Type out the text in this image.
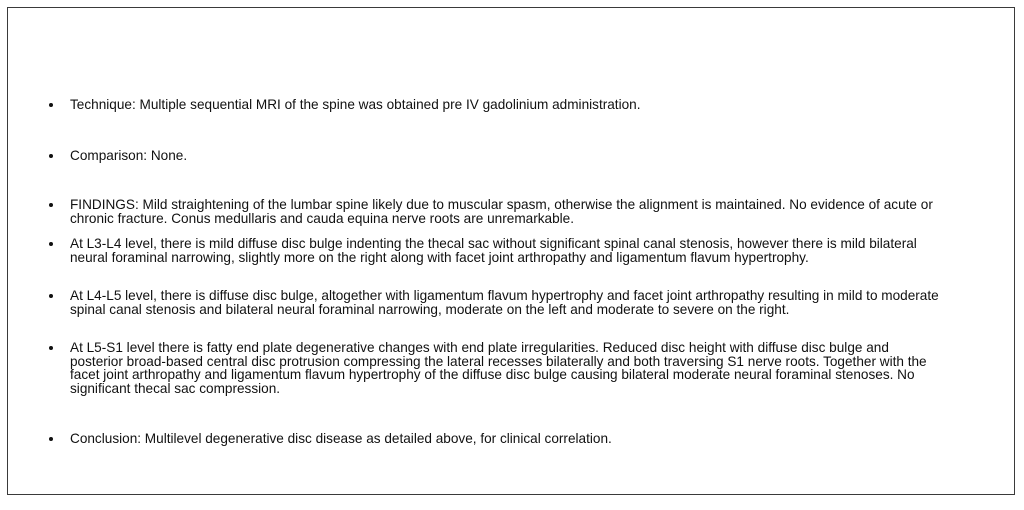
Technique: Multiple sequential MRI of the spine was obtained pre IV gadolinium administration.
Comparison: None.
FINDINGS: Mild straightening of the lumbar spine likely due to muscular spasm, otherwise the alignment is maintained. No evidence of acute or chronic fracture. Conus medullaris and cauda equina nerve roots are unremarkable.
At L3-L4 level, there is mild diffuse disc bulge indenting the thecal sac without significant spinal canal stenosis, however there is mild bilateral neural foraminal narrowing, slightly more on the right along with facet joint arthropathy and ligamentum flavum hypertrophy.
At L4-L5 level, there is diffuse disc bulge, altogether with ligamentum flavum hypertrophy and facet joint arthropathy resulting in mild to moderate spinal canal stenosis and bilateral neural foraminal narrowing, moderate on the left and moderate to severe on the right.
At L5-S1 level there is fatty end plate degenerative changes with end plate irregularities. Reduced disc height with diffuse disc bulge and posterior broad-based central disc protrusion compressing the lateral recesses bilaterally and both traversing S1 nerve roots. Together with the facet joint arthropathy and ligamentum flavum hypertrophy of the diffuse disc bulge causing bilateral moderate neural foraminal stenoses. No significant thecal sac compression.
Conclusion: Multilevel degenerative disc disease as detailed above, for clinical correlation.
